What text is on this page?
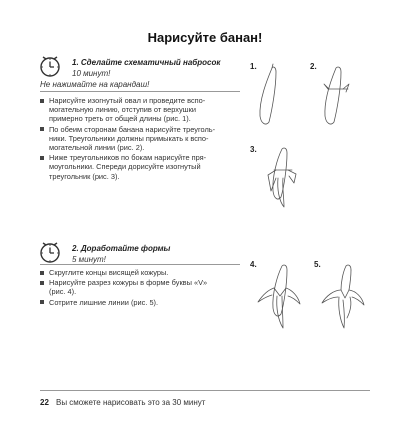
Нарисуйте банан!
1. Сделайте схематичный набросок
10 минут!
Не нажимайте на карандаш!
Нарисуйте изогнутый овал и проведите вспо-
могательную линию, отступив от верхушки
примерно треть от общей длины (рис. 1).
По обеим сторонам банана нарисуйте треуголь-
ники. Треугольники должны примыкать к вспо-
могательной линии (рис. 2).
Ниже треугольников по бокам нарисуйте пря-
моугольники. Спереди дорисуйте изогнутый
треугольник (рис. 3).
2. Доработайте формы
5 минут!
Скруглите концы висящей кожуры.
Нарисуйте разрез кожуры в форме буквы «V»
(рис. 4).
Сотрите лишние линии (рис. 5).
1.	2.
3.
4.	5.
22 Вы сможете нарисовать это за 30 минут
